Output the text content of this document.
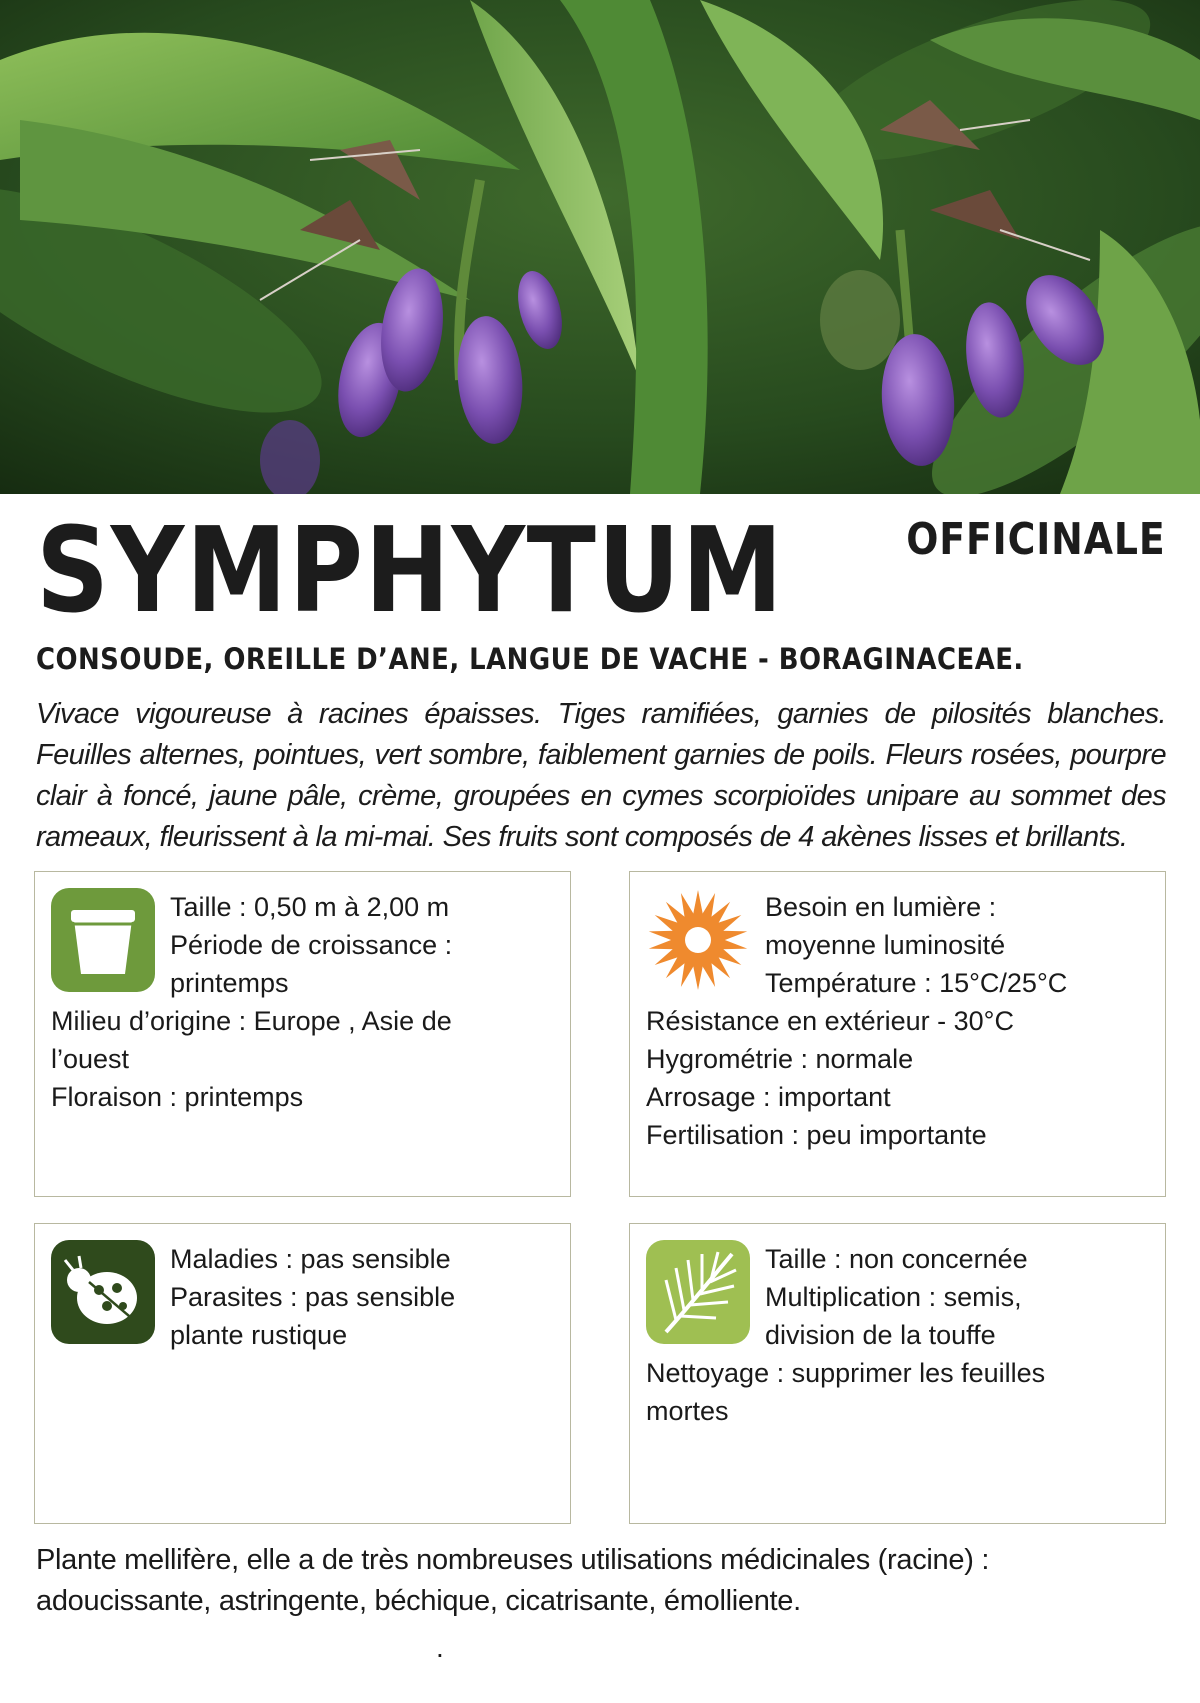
SYMPHYTUM	OFFICINALE
CONSOUDE, OREILLE D’ANE, LANGUE DE VACHE - BORAGINACEAE.
Vivace vigoureuse à racines épaisses. Tiges ramifiées, garnies de pilosités blanches. Feuilles alternes, pointues, vert sombre, faiblement garnies de poils. Fleurs rosées, pourpre clair à foncé, jaune pâle, crème, groupées en cymes scorpioïdes unipare au sommet des rameaux, fleurissent à la mi-mai. Ses fruits sont composés de 4 akènes lisses et brillants.
Taille : 0,50 m à 2,00 m
Période de croissance :
printemps
Milieu d’origine : Europe , Asie de
l’ouest
Floraison : printemps
Besoin en lumière :
moyenne luminosité
Température : 15°C/25°C
Résistance en extérieur - 30°C
Hygrométrie : normale
Arrosage : important
Fertilisation : peu importante
Maladies : pas sensible
Parasites : pas sensible
plante rustique
Taille : non concernée
Multiplication : semis,
division de la touffe
Nettoyage : supprimer les feuilles
mortes
Plante mellifère, elle a de très nombreuses utilisations médicinales (racine) : adoucissante, astringente, béchique, cicatrisante, émolliente.
.
